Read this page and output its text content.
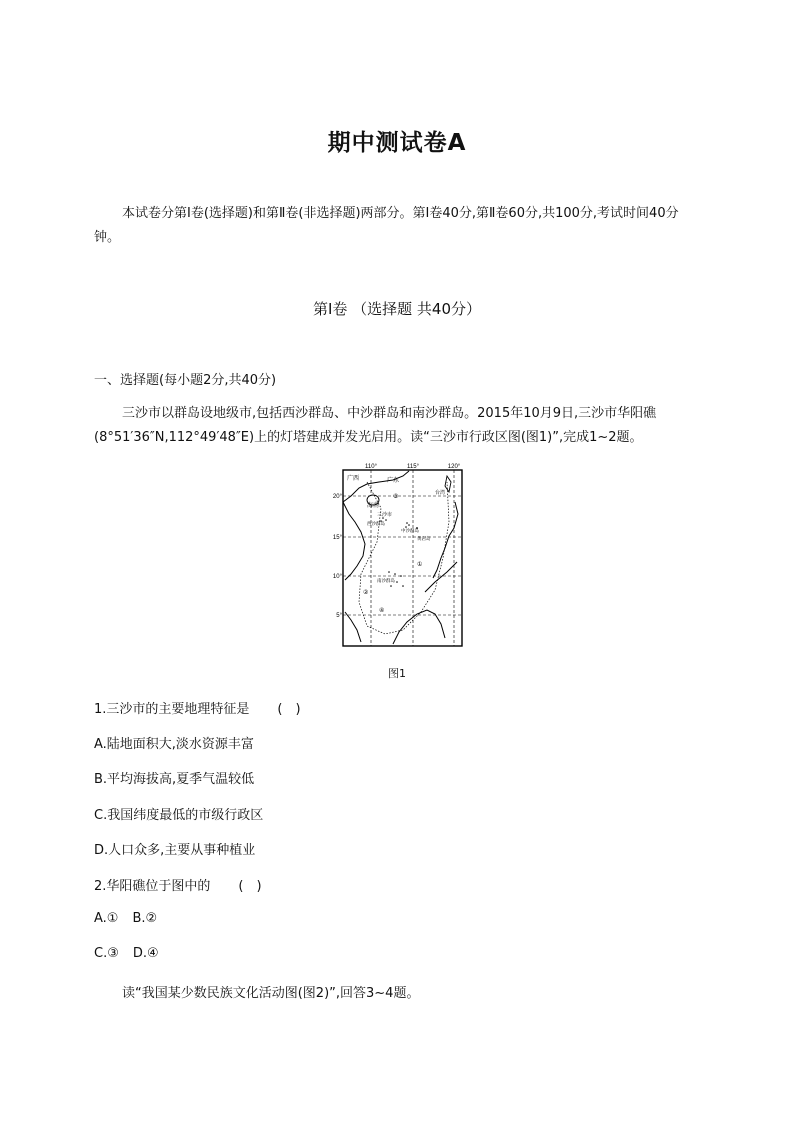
期中测试卷A
本试卷分第Ⅰ卷(选择题)和第Ⅱ卷(非选择题)两部分。第Ⅰ卷40分,第Ⅱ卷60分,共100分,考试时间40分钟。
第Ⅰ卷 （选择题 共40分）
一、选择题(每小题2分,共40分)
三沙市以群岛设地级市,包括西沙群岛、中沙群岛和南沙群岛。2015年10月9日,三沙市华阳礁(8°51′36″N,112°49′48″E)上的灯塔建成并发光启用。读“三沙市行政区图(图1)”,完成1~2题。
110°	115°	120°
20°
15°
10°
5°
广西	广东
台湾
海南
三沙市
西沙群岛
中沙群岛
黄岩岛
南沙群岛
①
②
③
④
图1
1.三沙市的主要地理特征是 (　)
A.陆地面积大,淡水资源丰富
B.平均海拔高,夏季气温较低
C.我国纬度最低的市级行政区
D.人口众多,主要从事种植业
2.华阳礁位于图中的 (　)
A.① B.②
C.③ D.④
读“我国某少数民族文化活动图(图2)”,回答3~4题。
